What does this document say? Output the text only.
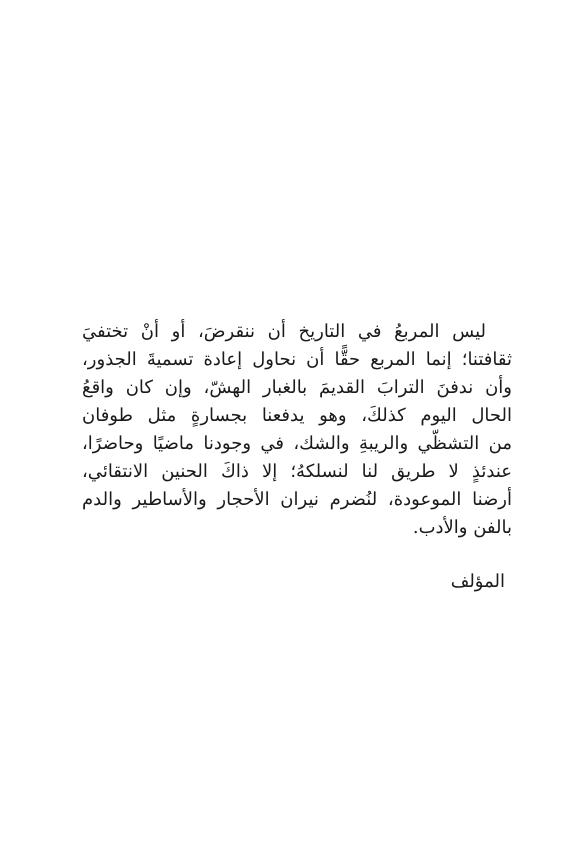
ليس المربعُ في التاريخ أن ننقرضَ، أو أنْ تختفيَ
ثقافتنا؛ إنما المربع حقًّا أن نحاول إعادة تسميةَ الجذور،
وأن ندفنَ الترابَ القديمَ بالغبار الهشّ، وإن كان واقعُ
الحال اليوم كذلكَ، وهو يدفعنا بجسارةٍ مثل طوفان
من التشظّي والريبةِ والشك، في وجودنا ماضيًا وحاضرًا،
عندئذٍ لا طريق لنا لنسلكهُ؛ إلا ذاكَ الحنين الانتقائي،
أرضنا الموعودة، لنُضرم نيران الأحجار والأساطير والدم
بالفن والأدب.
المؤلف
